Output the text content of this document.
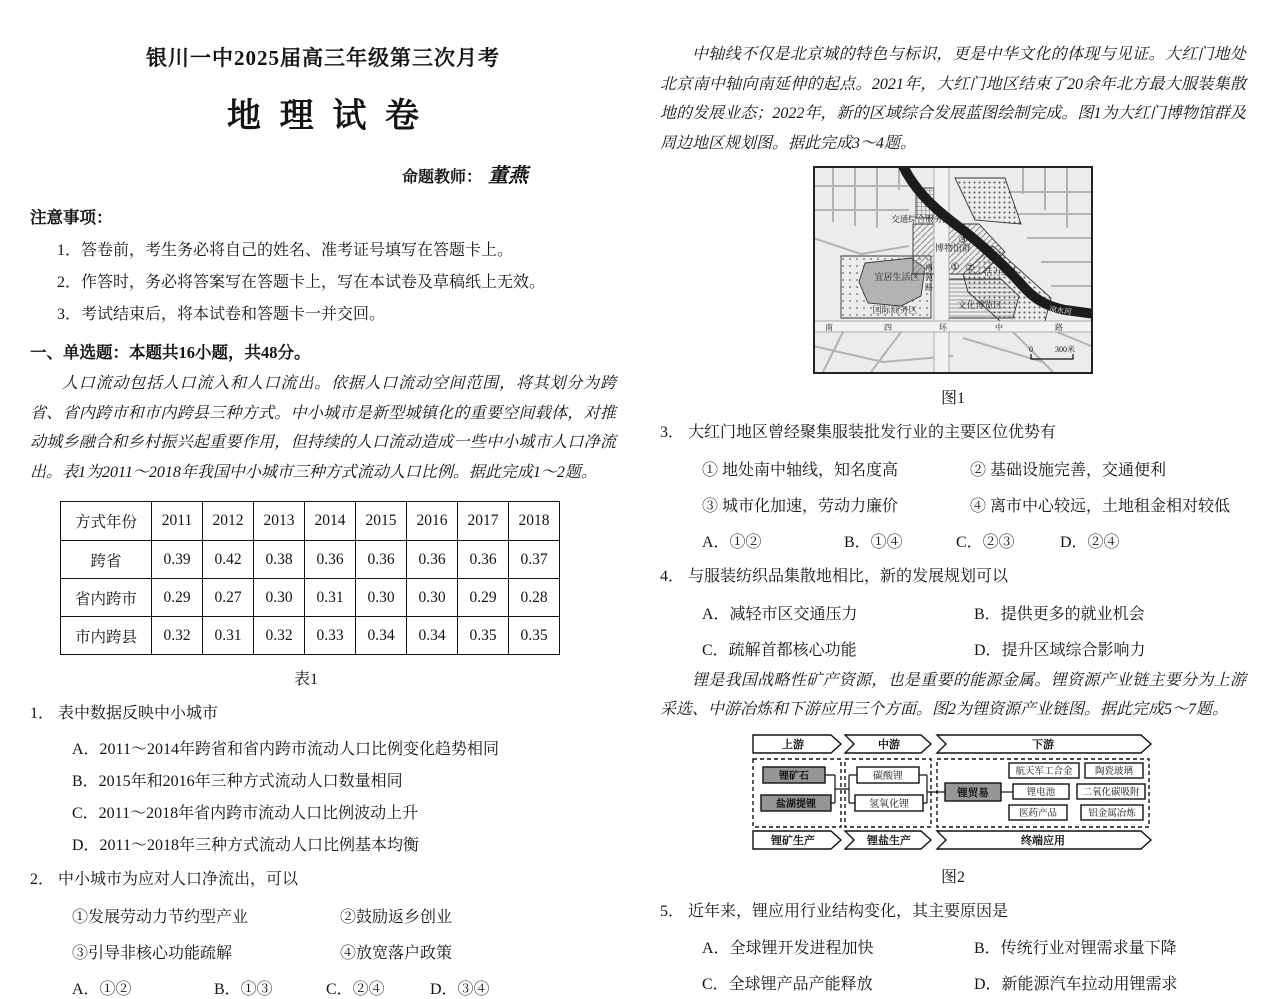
银川一中2025届高三年级第三次月考
地理试卷
命题教师： 董燕
注意事项：
1．答卷前，考生务必将自己的姓名、准考证号填写在答题卡上。
2．作答时，务必将答案写在答题卡上，写在本试卷及草稿纸上无效。
3．考试结束后，将本试卷和答题卡一并交回。
一、单选题：本题共16小题，共48分。

人口流动包括人口流入和人口流出。依据人口流动空间范围，将其划分为跨省、省内跨市和市内跨县三种方式。中小城市是新型城镇化的重要空间载体，对推动城乡融合和乡村振兴起重要作用，但持续的人口流动造成一些中小城市人口净流出。表1为2011～2018年我国中小城市三种方式流动人口比例。据此完成1～2题。

方式年份	2011	2012	2013	2014	2015	2016	2017	2018
跨省	0.39	0.42	0.38	0.36	0.36	0.36	0.36	0.37
省内跨市	0.29	0.27	0.30	0.31	0.30	0.30	0.29	0.28
市内跨县	0.32	0.31	0.32	0.33	0.34	0.34	0.35	0.35
表1
1． 表中数据反映中小城市
A．2011～2014年跨省和省内跨市流动人口比例变化趋势相同
B．2015年和2016年三种方式流动人口数量相同
C．2011～2018年省内跨市流动人口比例波动上升
D．2011～2018年三种方式流动人口比例基本均衡
2． 中小城市为应对人口净流出，可以
①发展劳动力节约型产业	②鼓励返乡创业
③引导非核心功能疏解	④放宽落户政策
A．①②	B．①③	C．②④	D．③④

中轴线不仅是北京城的特色与标识，更是中华文化的体现与见证。大红门地处北京南中轴向南延伸的起点。2021年，大红门地区结束了20余年北方最大服装集散地的发展业态；2022年，新的区域综合发展蓝图绘制完成。图1为大红门博物馆群及周边地区规划图。据此完成3～4题。

凉水河
交通综合服务区
博物馆群
宜居生活区
国际商务区	文化博览区
活力绿心
③
① ②
南
苑
路
南	四	环	中	路
0	300米
图1
3． 大红门地区曾经聚集服装批发行业的主要区位优势有
① 地处南中轴线，知名度高	② 基础设施完善，交通便利
③ 城市化加速，劳动力廉价	④ 离市中心较远，土地租金相对较低
A．①②	B．①④	C．②③	D．②④
4． 与服装纺织品集散地相比，新的发展规划可以
A．减轻市区交通压力	B．提供更多的就业机会
C．疏解首都核心功能	D．提升区域综合影响力

锂是我国战略性矿产资源，也是重要的能源金属。锂资源产业链主要分为上游采选、中游冶炼和下游应用三个方面。图2为锂资源产业链图。据此完成5～7题。

上游	中游	下游
锂矿生产	锂盐生产	终端应用
锂矿石
盐湖提锂
碳酸锂
氢氧化锂
锂贸易
航天军工合金 陶瓷玻璃
锂电池	二氧化碳吸附
医药产品	铝金属冶炼
图2
5． 近年来，锂应用行业结构变化，其主要原因是
A．全球锂开发进程加快	B．传统行业对锂需求量下降
C．全球锂产品产能释放	D．新能源汽车拉动用锂需求
